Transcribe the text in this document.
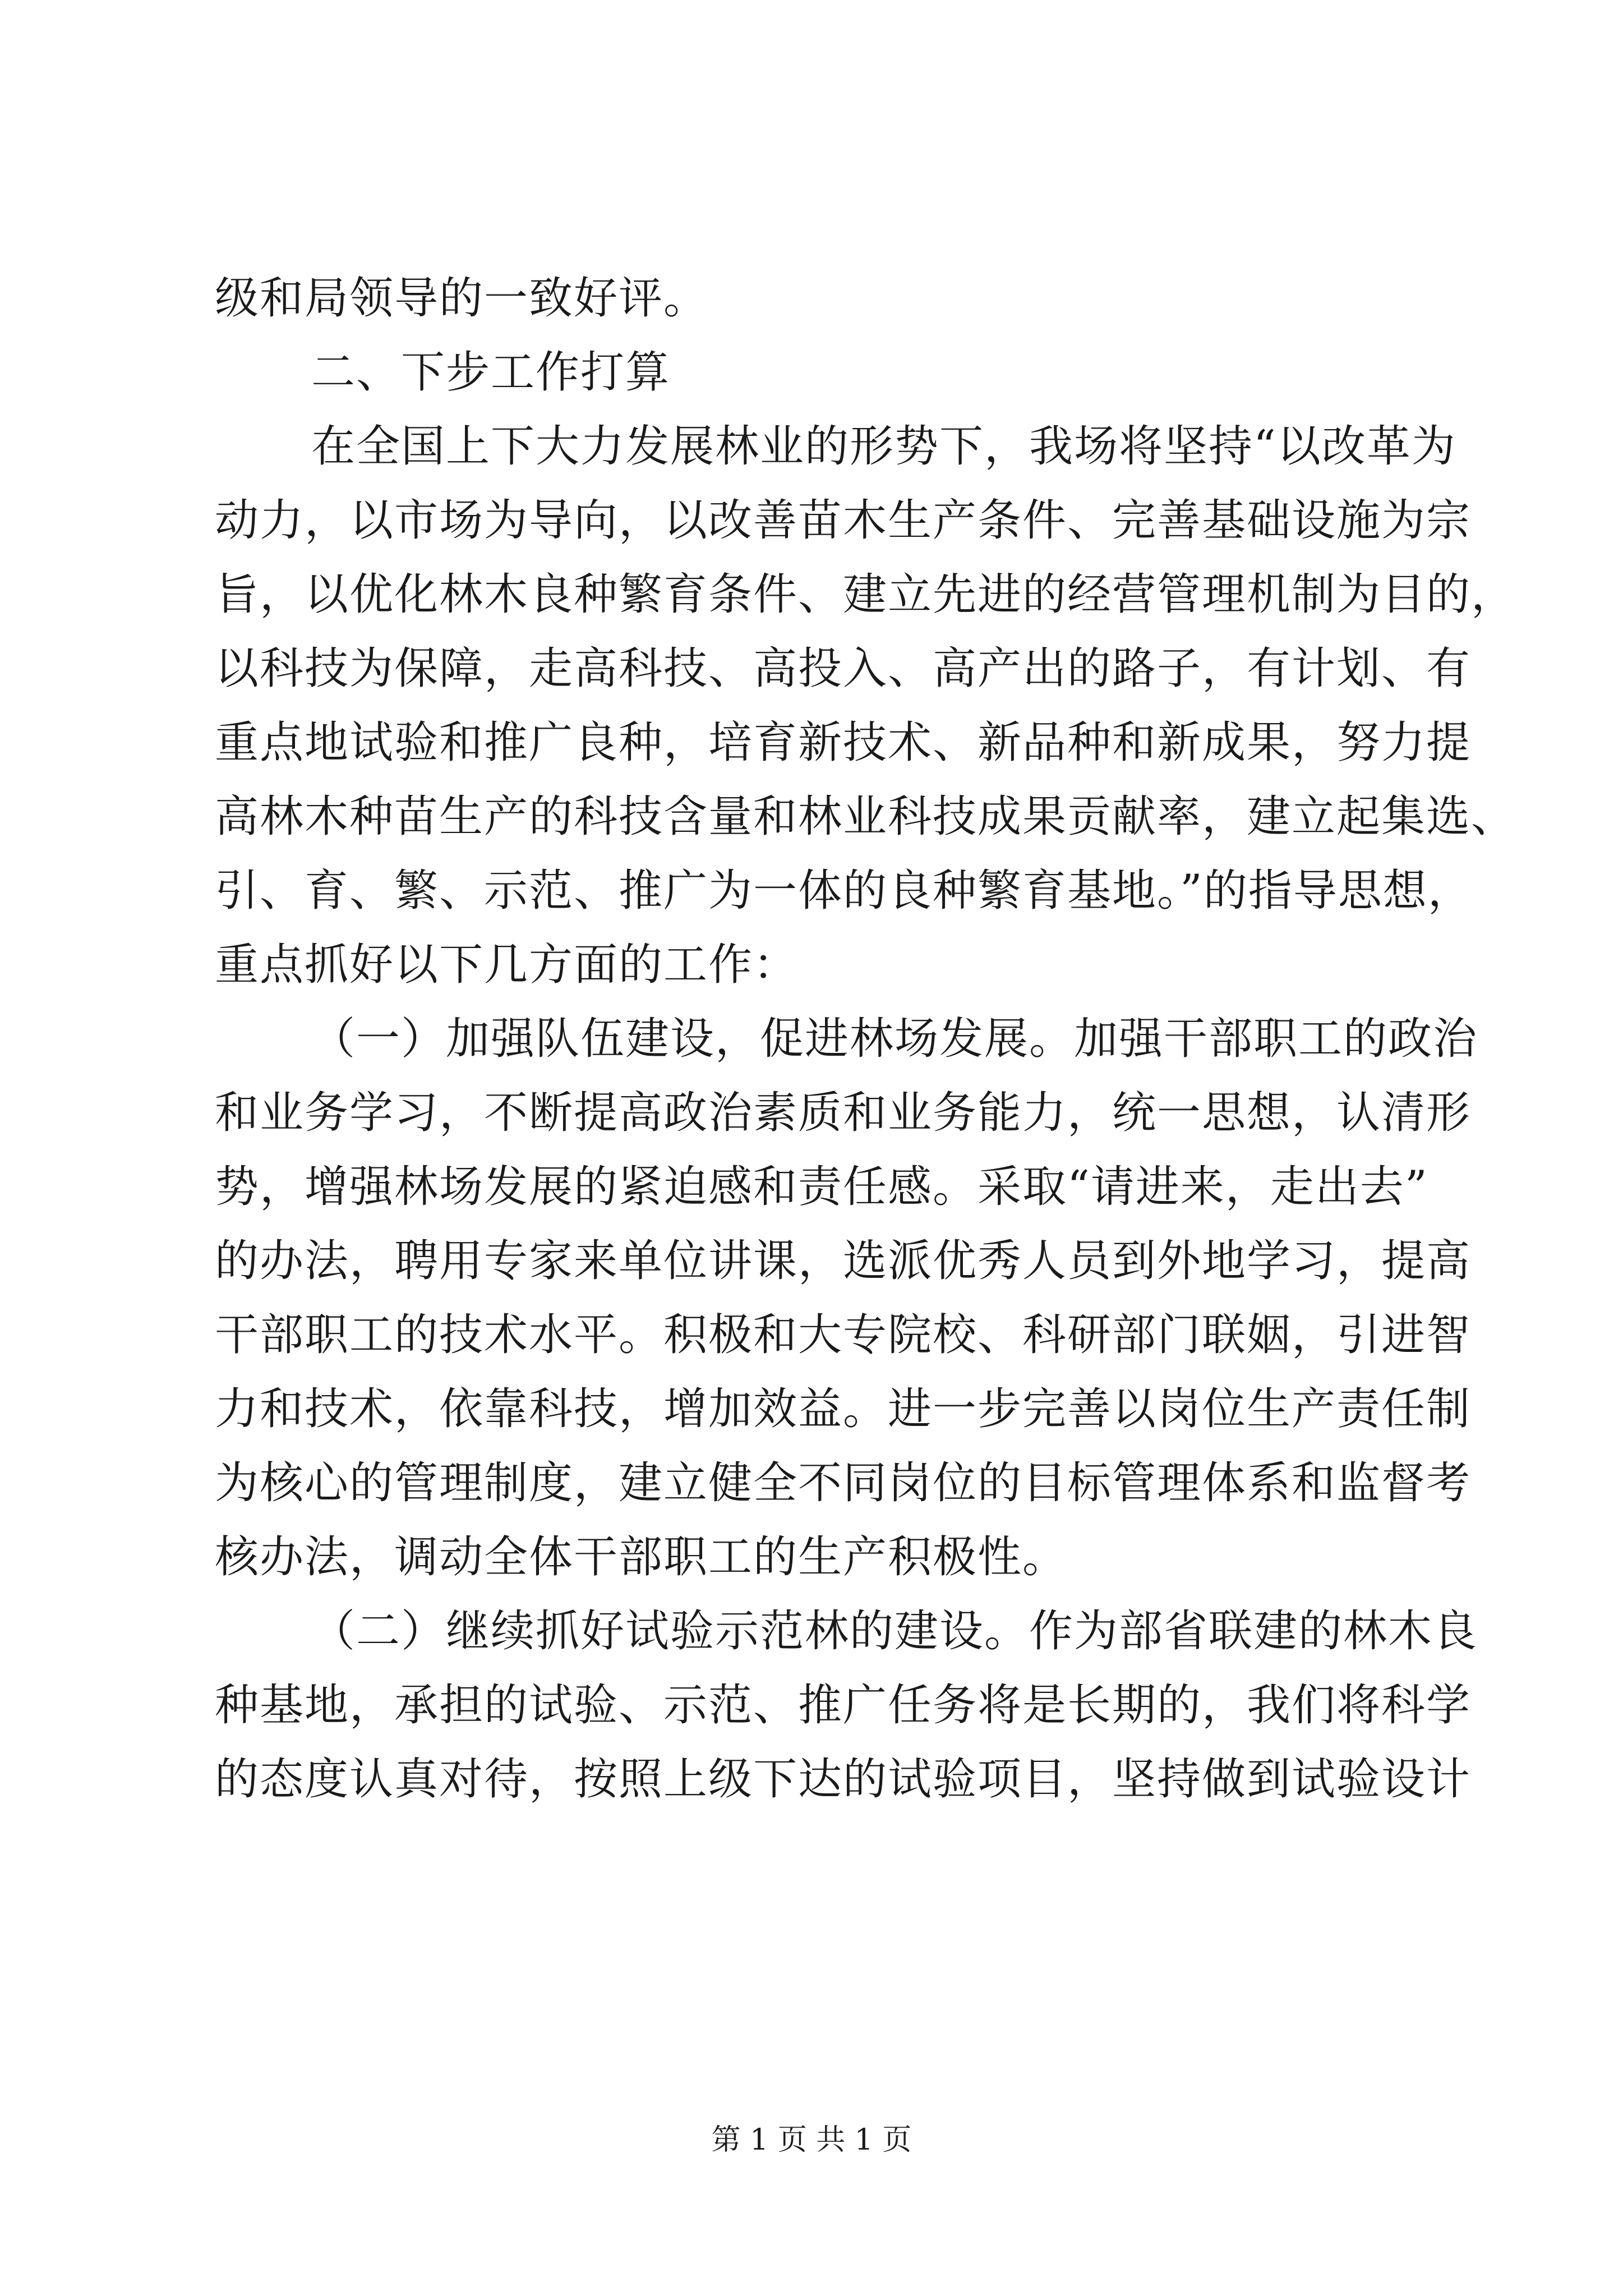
级和局领导的一致好评。
二、下步工作打算
在全国上下大力发展林业的形势下，我场将坚持“以改革为
动力，以市场为导向，以改善苗木生产条件、完善基础设施为宗
旨，以优化林木良种繁育条件、建立先进的经营管理机制为目的，
以科技为保障，走高科技、高投入、高产出的路子，有计划、有
重点地试验和推广良种，培育新技术、新品种和新成果，努力提
高林木种苗生产的科技含量和林业科技成果贡献率，建立起集选、
引、育、繁、示范、推广为一体的良种繁育基地。”的指导思想，
重点抓好以下几方面的工作：
（一）加强队伍建设，促进林场发展。加强干部职工的政治
和业务学习，不断提高政治素质和业务能力，统一思想，认清形
势，增强林场发展的紧迫感和责任感。采取“请进来，走出去”
的办法，聘用专家来单位讲课，选派优秀人员到外地学习，提高
干部职工的技术水平。积极和大专院校、科研部门联姻，引进智
力和技术，依靠科技，增加效益。进一步完善以岗位生产责任制
为核心的管理制度，建立健全不同岗位的目标管理体系和监督考
核办法，调动全体干部职工的生产积极性。
（二）继续抓好试验示范林的建设。作为部省联建的林木良
种基地，承担的试验、示范、推广任务将是长期的，我们将科学
的态度认真对待，按照上级下达的试验项目，坚持做到试验设计
第 1 页 共 1 页
